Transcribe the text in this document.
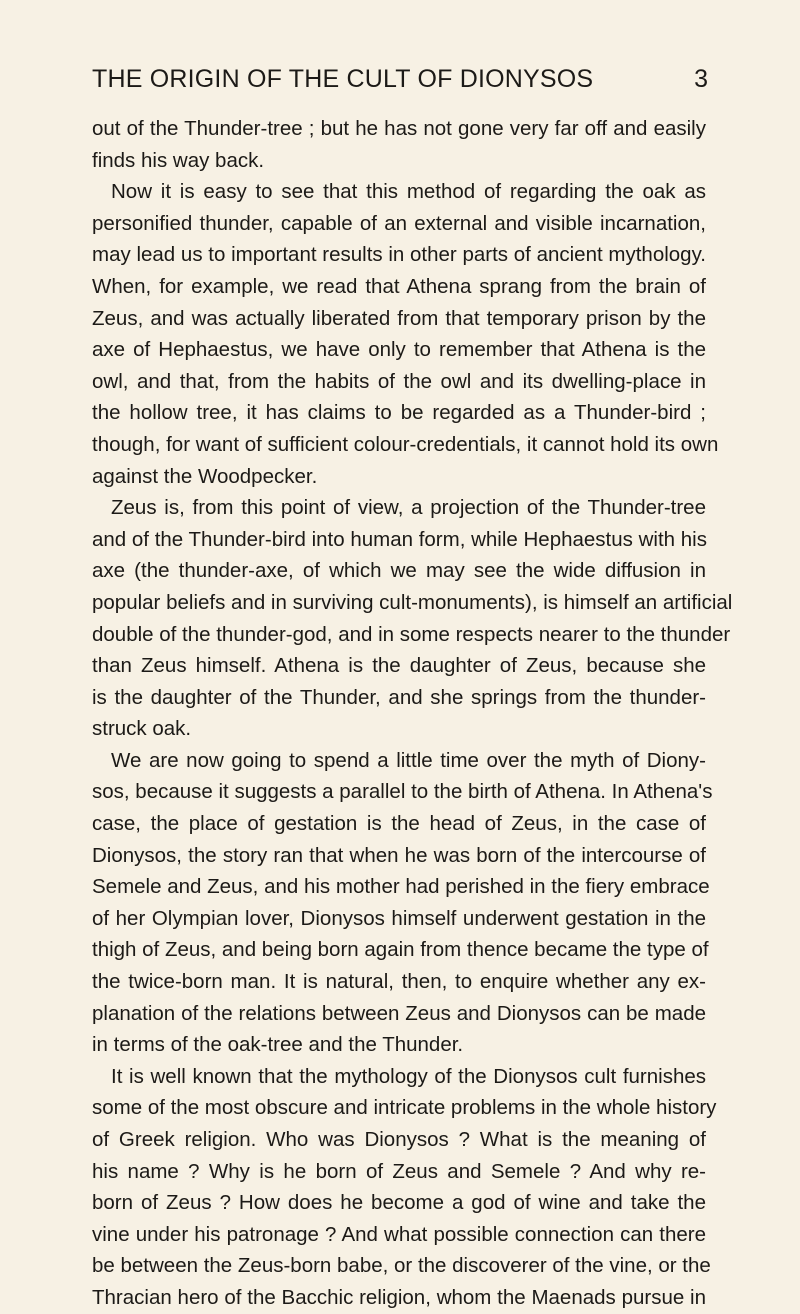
THE ORIGIN OF THE CULT OF DIONYSOS	3
out of the Thunder-tree ; but he has not gone very far off and easily
finds his way back.
Now it is easy to see that this method of regarding the oak as
personified thunder, capable of an external and visible incarnation,
may lead us to important results in other parts of ancient mythology.
When, for example, we read that Athena sprang from the brain of
Zeus, and was actually liberated from that temporary prison by the
axe of Hephaestus, we have only to remember that Athena is the
owl, and that, from the habits of the owl and its dwelling-place in
the hollow tree, it has claims to be regarded as a Thunder-bird ;
though, for want of sufficient colour-credentials, it cannot hold its own
against the Woodpecker.
Zeus is, from this point of view, a projection of the Thunder-tree
and of the Thunder-bird into human form, while Hephaestus with his
axe (the thunder-axe, of which we may see the wide diffusion in
popular beliefs and in surviving cult-monuments), is himself an artificial
double of the thunder-god, and in some respects nearer to the thunder
than Zeus himself. Athena is the daughter of Zeus, because she
is the daughter of the Thunder, and she springs from the thunder-
struck oak.
We are now going to spend a little time over the myth of Diony-
sos, because it suggests a parallel to the birth of Athena. In Athena's
case, the place of gestation is the head of Zeus, in the case of
Dionysos, the story ran that when he was born of the intercourse of
Semele and Zeus, and his mother had perished in the fiery embrace
of her Olympian lover, Dionysos himself underwent gestation in the
thigh of Zeus, and being born again from thence became the type of
the twice-born man. It is natural, then, to enquire whether any ex-
planation of the relations between Zeus and Dionysos can be made
in terms of the oak-tree and the Thunder.
It is well known that the mythology of the Dionysos cult furnishes
some of the most obscure and intricate problems in the whole history
of Greek religion. Who was Dionysos ? What is the meaning of
his name ? Why is he born of Zeus and Semele ? And why re-
born of Zeus ? How does he become a god of wine and take the
vine under his patronage ? And what possible connection can there
be between the Zeus-born babe, or the discoverer of the vine, or the
Thracian hero of the Bacchic religion, whom the Maenads pursue in
